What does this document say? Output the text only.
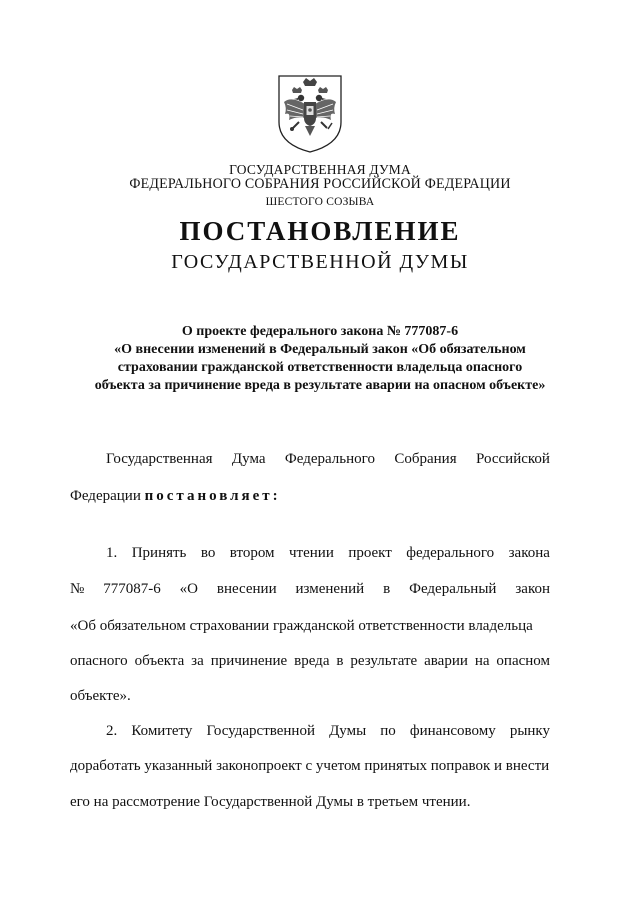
ГОСУДАРСТВЕННАЯ ДУМА
ФЕДЕРАЛЬНОГО СОБРАНИЯ РОССИЙСКОЙ ФЕДЕРАЦИИ
ШЕСТОГО СОЗЫВА
ПОСТАНОВЛЕНИЕ
ГОСУДАРСТВЕННОЙ ДУМЫ
О проекте федерального закона № 777087-6
«О внесении изменений в Федеральный закон «Об обязательном
страховании гражданской ответственности владельца опасного
объекта за причинение вреда в результате аварии на опасном объекте»
Государственная Дума Федерального Собрания Российской
Федерации постановляет:
1. Принять во втором чтении проект федерального закона
№ 777087-6 «О внесении изменений в Федеральный закон
«Об обязательном страховании гражданской ответственности владельца
опасного объекта за причинение вреда в результате аварии на опасном
объекте».
2. Комитету Государственной Думы по финансовому рынку
доработать указанный законопроект с учетом принятых поправок и внести
его на рассмотрение Государственной Думы в третьем чтении.
